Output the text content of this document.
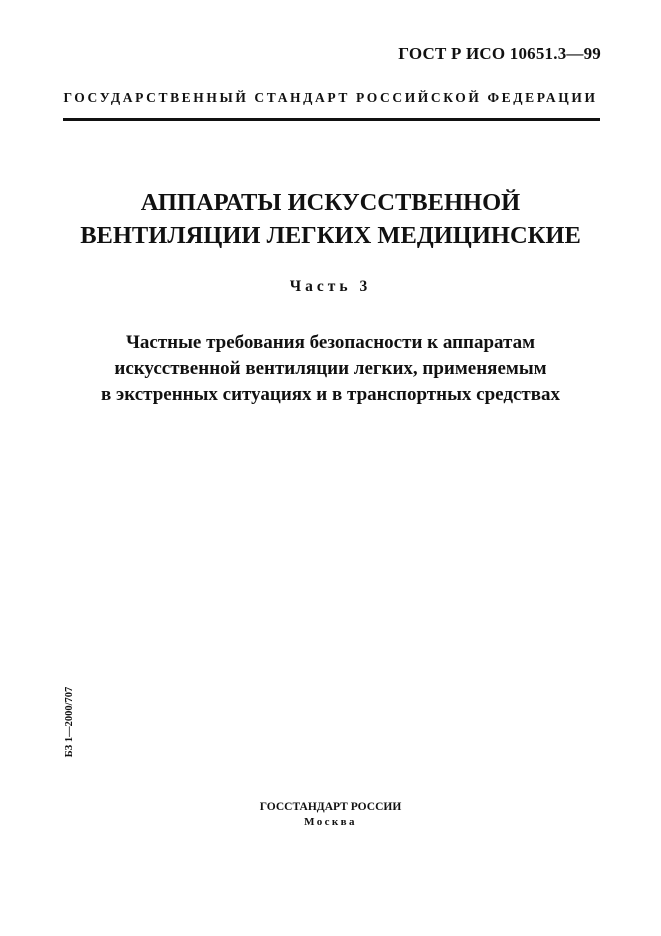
ГОСТ Р ИСО 10651.3—99
ГОСУДАРСТВЕННЫЙ СТАНДАРТ РОССИЙСКОЙ ФЕДЕРАЦИИ
АППАРАТЫ ИСКУССТВЕННОЙ
ВЕНТИЛЯЦИИ ЛЕГКИХ МЕДИЦИНСКИЕ
Часть 3
Частные требования безопасности к аппаратам
искусственной вентиляции легких, применяемым
в экстренных ситуациях и в транспортных средствах
БЗ 1—2000/707
ГОССТАНДАРТ РОССИИ
Москва
